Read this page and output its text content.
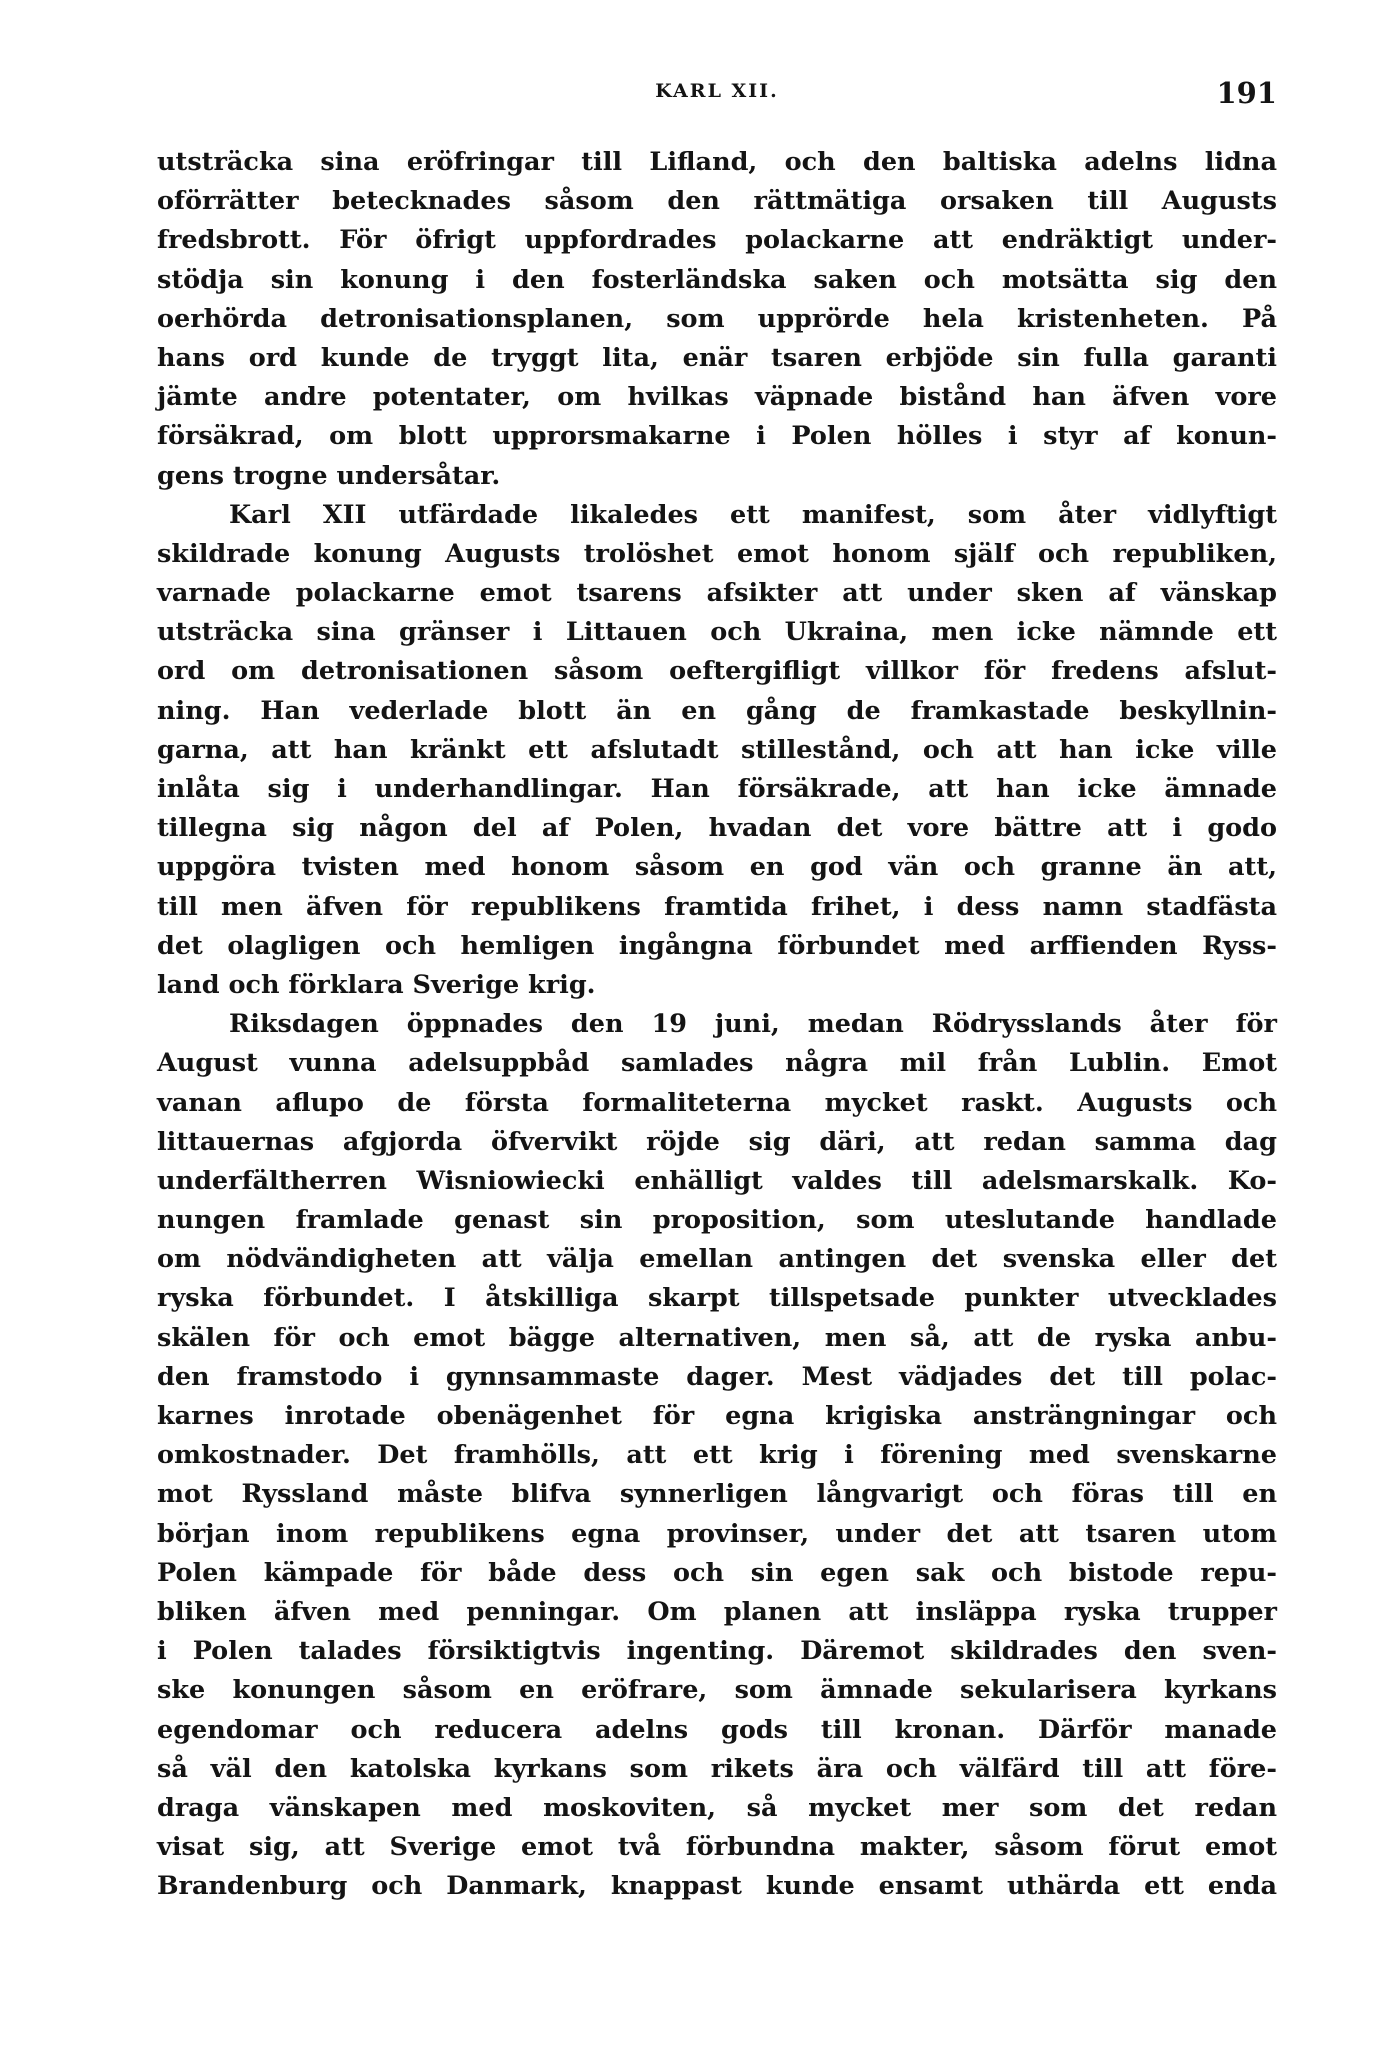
KARL XII.	191
utsträcka sina eröfringar till Lifland, och den baltiska adelns lidna
oförrätter betecknades såsom den rättmätiga orsaken till Augusts
fredsbrott. För öfrigt uppfordrades polackarne att endräktigt under-
stödja sin konung i den fosterländska saken och motsätta sig den
oerhörda detronisationsplanen, som upprörde hela kristenheten. På
hans ord kunde de tryggt lita, enär tsaren erbjöde sin fulla garanti
jämte andre potentater, om hvilkas väpnade bistånd han äfven vore
försäkrad, om blott upprorsmakarne i Polen hölles i styr af konun-
gens trogne undersåtar.
Karl XII utfärdade likaledes ett manifest, som åter vidlyftigt
skildrade konung Augusts trolöshet emot honom själf och republiken,
varnade polackarne emot tsarens afsikter att under sken af vänskap
utsträcka sina gränser i Littauen och Ukraina, men icke nämnde ett
ord om detronisationen såsom oeftergifligt villkor för fredens afslut-
ning. Han vederlade blott än en gång de framkastade beskyllnin-
garna, att han kränkt ett afslutadt stillestånd, och att han icke ville
inlåta sig i underhandlingar. Han försäkrade, att han icke ämnade
tillegna sig någon del af Polen, hvadan det vore bättre att i godo
uppgöra tvisten med honom såsom en god vän och granne än att,
till men äfven för republikens framtida frihet, i dess namn stadfästa
det olagligen och hemligen ingångna förbundet med arffienden Ryss-
land och förklara Sverige krig.
Riksdagen öppnades den 19 juni, medan Rödrysslands åter för
August vunna adelsuppbåd samlades några mil från Lublin. Emot
vanan aflupo de första formaliteterna mycket raskt. Augusts och
littauernas afgjorda öfvervikt röjde sig däri, att redan samma dag
underfältherren Wisniowiecki enhälligt valdes till adelsmarskalk. Ko-
nungen framlade genast sin proposition, som uteslutande handlade
om nödvändigheten att välja emellan antingen det svenska eller det
ryska förbundet. I åtskilliga skarpt tillspetsade punkter utvecklades
skälen för och emot bägge alternativen, men så, att de ryska anbu-
den framstodo i gynnsammaste dager. Mest vädjades det till polac-
karnes inrotade obenägenhet för egna krigiska ansträngningar och
omkostnader. Det framhölls, att ett krig i förening med svenskarne
mot Ryssland måste blifva synnerligen långvarigt och föras till en
början inom republikens egna provinser, under det att tsaren utom
Polen kämpade för både dess och sin egen sak och bistode repu-
bliken äfven med penningar. Om planen att insläppa ryska trupper
i Polen talades försiktigtvis ingenting. Däremot skildrades den sven-
ske konungen såsom en eröfrare, som ämnade sekularisera kyrkans
egendomar och reducera adelns gods till kronan. Därför manade
så väl den katolska kyrkans som rikets ära och välfärd till att före-
draga vänskapen med moskoviten, så mycket mer som det redan
visat sig, att Sverige emot två förbundna makter, såsom förut emot
Brandenburg och Danmark, knappast kunde ensamt uthärda ett enda
